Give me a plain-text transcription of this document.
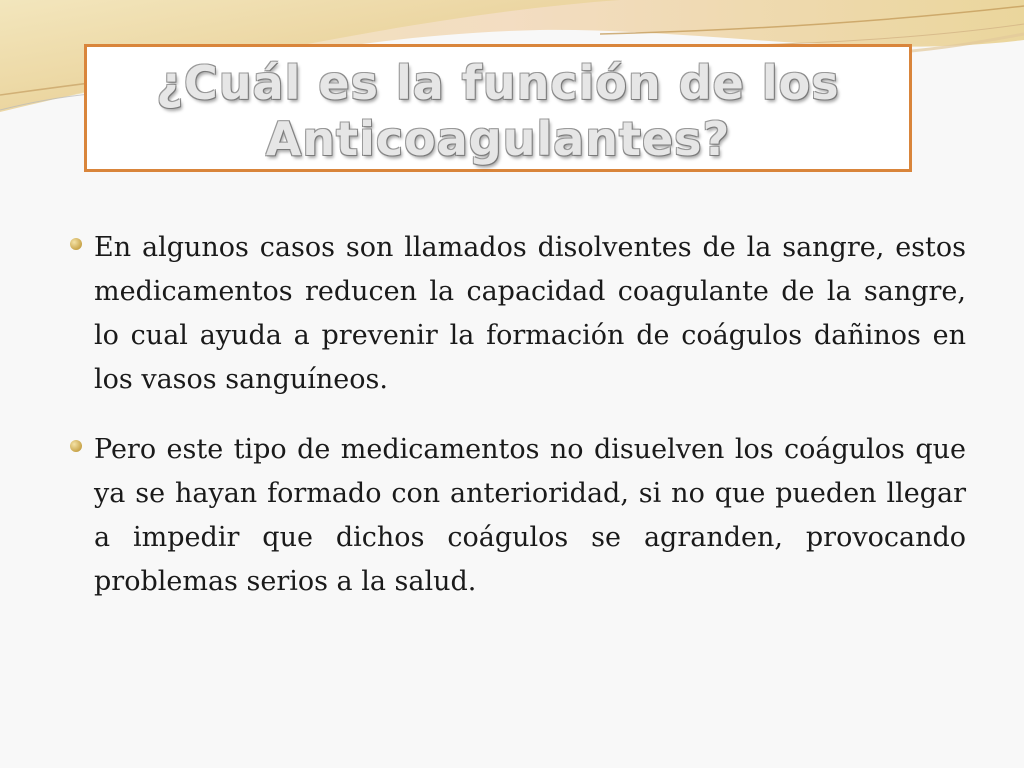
¿Cuál es la función de los
Anticoagulantes?
En algunos casos son llamados disolventes de la sangre, estos medicamentos reducen la capacidad coagulante de la sangre, lo cual ayuda a prevenir la formación de coágulos dañinos en los vasos sanguíneos.
Pero este tipo de medicamentos no disuelven los coágulos que ya se hayan formado con anterioridad, si no que pueden llegar a impedir que dichos coágulos se agranden, provocando problemas serios a la salud.
